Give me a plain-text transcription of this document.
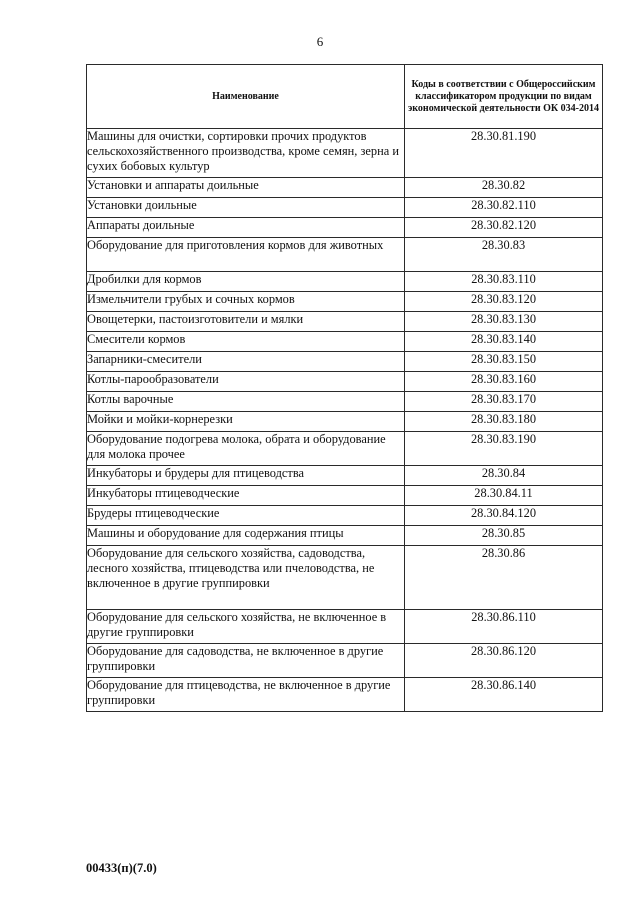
6
Наименование	Коды в соответствии с Общероссийским классификатором продукции по видам экономической деятельности ОК 034-2014
Машины для очистки, сортировки прочих продуктов сельскохозяйственного производства, кроме семян, зерна и сухих бобовых культур	28.30.81.190
Установки и аппараты доильные	28.30.82
Установки доильные	28.30.82.110
Аппараты доильные	28.30.82.120
Оборудование для приготовления кормов для животных	28.30.83
Дробилки для кормов	28.30.83.110
Измельчители грубых и сочных кормов	28.30.83.120
Овощетерки, пастоизготовители и мялки	28.30.83.130
Смесители кормов	28.30.83.140
Запарники-смесители	28.30.83.150
Котлы-парообразователи	28.30.83.160
Котлы варочные	28.30.83.170
Мойки и мойки-корнерезки	28.30.83.180
Оборудование подогрева молока, обрата и оборудование для молока прочее	28.30.83.190
Инкубаторы и брудеры для птицеводства	28.30.84
Инкубаторы птицеводческие	28.30.84.11
Брудеры птицеводческие	28.30.84.120
Машины и оборудование для содержания птицы	28.30.85
Оборудование для сельского хозяйства, садоводства, лесного хозяйства, птицеводства или пчеловодства, не включенное в другие группировки	28.30.86
Оборудование для сельского хозяйства, не включенное в другие группировки	28.30.86.110
Оборудование для садоводства, не включенное в другие группировки	28.30.86.120
Оборудование для птицеводства, не включенное в другие группировки	28.30.86.140
00433(п)(7.0)
